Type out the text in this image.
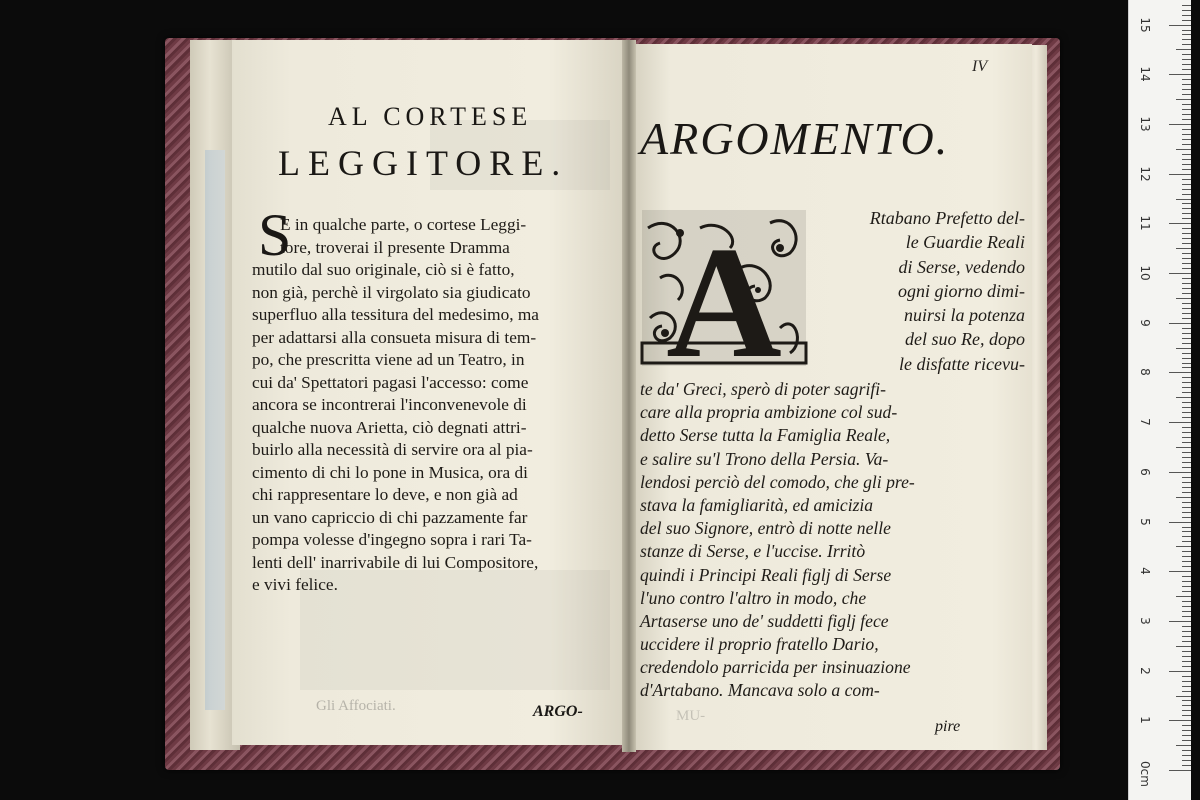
AL CORTESE
LEGGITORE.
S
E in qualche parte, o cortese Leggi-
tore, troverai il presente Dramma
mutilo dal suo originale, ciò si è fatto,
non già, perchè il virgolato sia giudicato
superfluo alla tessitura del medesimo, ma
per adattarsi alla consueta misura di tem-
po, che prescritta viene ad un Teatro, in
cui da' Spettatori pagasi l'accesso: come
ancora se incontrerai l'inconvenevole di
qualche nuova Arietta, ciò degnati attri-
buirlo alla necessità di servire ora al pia-
cimento di chi lo pone in Musica, ora di
chi rappresentare lo deve, e non già ad
un vano capriccio di chi pazzamente far
pompa volesse d'ingegno sopra i rari Ta-
lenti dell' inarrivabile di lui Compositore,
e vivi felice.
Gli Affociati.	ARGO-
IV
ARGOMENTO.
A	Rtabano Prefetto del-
le Guardie Reali
di Serse, vedendo
ogni giorno dimi-
nuirsi la potenza
del suo Re, dopo
le disfatte ricevu-
te da' Greci, sperò di poter sagrifi-
care alla propria ambizione col sud-
detto Serse tutta la Famiglia Reale,
e salire su'l Trono della Persia. Va-
lendosi perciò del comodo, che gli pre-
stava la famigliarità, ed amicizia
del suo Signore, entrò di notte nelle
stanze di Serse, e l'uccise. Irritò
quindi i Principi Reali figlj di Serse
l'uno contro l'altro in modo, che
Artaserse uno de' suddetti figlj fece
uccidere il proprio fratello Dario,
credendolo parricida per insinuazione
d'Artabano. Mancava solo a com-
MU-
pire
0cm
1
2
3
4
5
6
7
8
9
10
11
12
13
14
15
